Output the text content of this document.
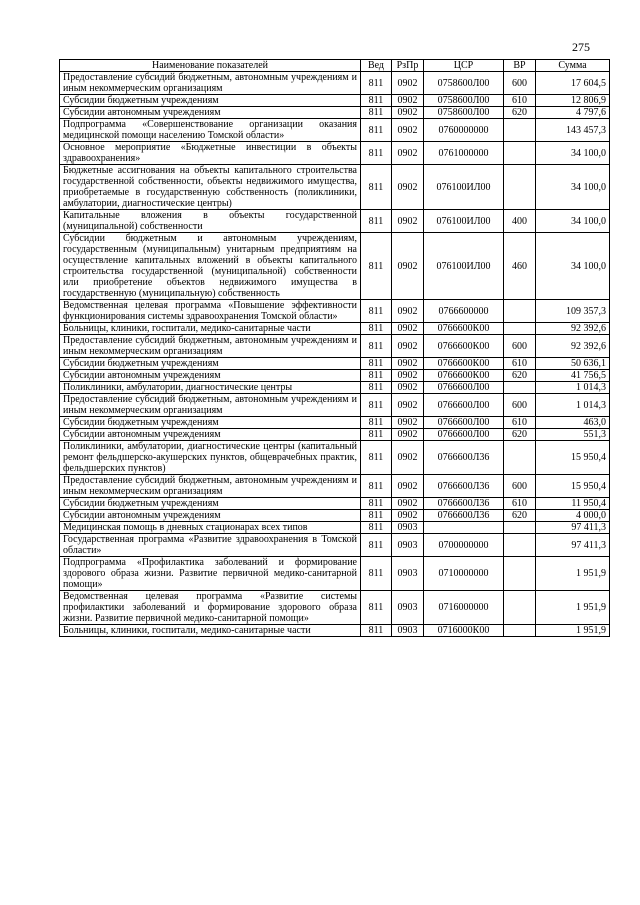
275
Наименование показателей	Вед	РзПр	ЦСР	ВР	Сумма
Предоставление субсидий бюджетным, автономным учреждениям и иным некоммерческим организациям	811	0902	0758600Л00	600	17 604,5
Субсидии бюджетным учреждениям	811	0902	0758600Л00	610	12 806,9
Субсидии автономным учреждениям	811	0902	0758600Л00	620	4 797,6
Подпрограмма «Совершенствование организации оказания медицинской помощи населению Томской области»	811	0902	0760000000		143 457,3
Основное мероприятие «Бюджетные инвестиции в объекты здравоохранения»	811	0902	0761000000		34 100,0
Бюджетные ассигнования на объекты капитального строительства государственной собственности, объекты недвижимого имущества, приобретаемые в государственную собственность (поликлиники, амбулатории, диагностические центры)	811	0902	076100ИЛ00		34 100,0
Капитальные вложения в объекты государственной (муниципальной) собственности	811	0902	076100ИЛ00	400	34 100,0
Субсидии бюджетным и автономным учреждениям, государственным (муниципальным) унитарным предприятиям на осуществление капитальных вложений в объекты капитального строительства государственной (муниципальной) собственности или приобретение объектов недвижимого имущества в государственную (муниципальную) собственность	811	0902	076100ИЛ00	460	34 100,0
Ведомственная целевая программа «Повышение эффективности функционирования системы здравоохранения Томской области»	811	0902	0766600000		109 357,3
Больницы, клиники, госпитали, медико-санитарные части	811	0902	0766600К00		92 392,6
Предоставление субсидий бюджетным, автономным учреждениям и иным некоммерческим организациям	811	0902	0766600К00	600	92 392,6
Субсидии бюджетным учреждениям	811	0902	0766600К00	610	50 636,1
Субсидии автономным учреждениям	811	0902	0766600К00	620	41 756,5
Поликлиники, амбулатории, диагностические центры	811	0902	0766600Л00		1 014,3
Предоставление субсидий бюджетным, автономным учреждениям и иным некоммерческим организациям	811	0902	0766600Л00	600	1 014,3
Субсидии бюджетным учреждениям	811	0902	0766600Л00	610	463,0
Субсидии автономным учреждениям	811	0902	0766600Л00	620	551,3
Поликлиники, амбулатории, диагностические центры (капитальный ремонт фельдшерско-акушерских пунктов, общеврачебных практик, фельдшерских пунктов)	811	0902	0766600Л36		15 950,4
Предоставление субсидий бюджетным, автономным учреждениям и иным некоммерческим организациям	811	0902	0766600Л36	600	15 950,4
Субсидии бюджетным учреждениям	811	0902	0766600Л36	610	11 950,4
Субсидии автономным учреждениям	811	0902	0766600Л36	620	4 000,0
Медицинская помощь в дневных стационарах всех типов	811	0903			97 411,3
Государственная программа «Развитие здравоохранения в Томской области»	811	0903	0700000000		97 411,3
Подпрограмма «Профилактика заболеваний и формирование здорового образа жизни. Развитие первичной медико-санитарной помощи»	811	0903	0710000000		1 951,9
Ведомственная целевая программа «Развитие системы профилактики заболеваний и формирование здорового образа жизни. Развитие первичной медико-санитарной помощи»	811	0903	0716000000		1 951,9
Больницы, клиники, госпитали, медико-санитарные части	811	0903	0716000К00		1 951,9
